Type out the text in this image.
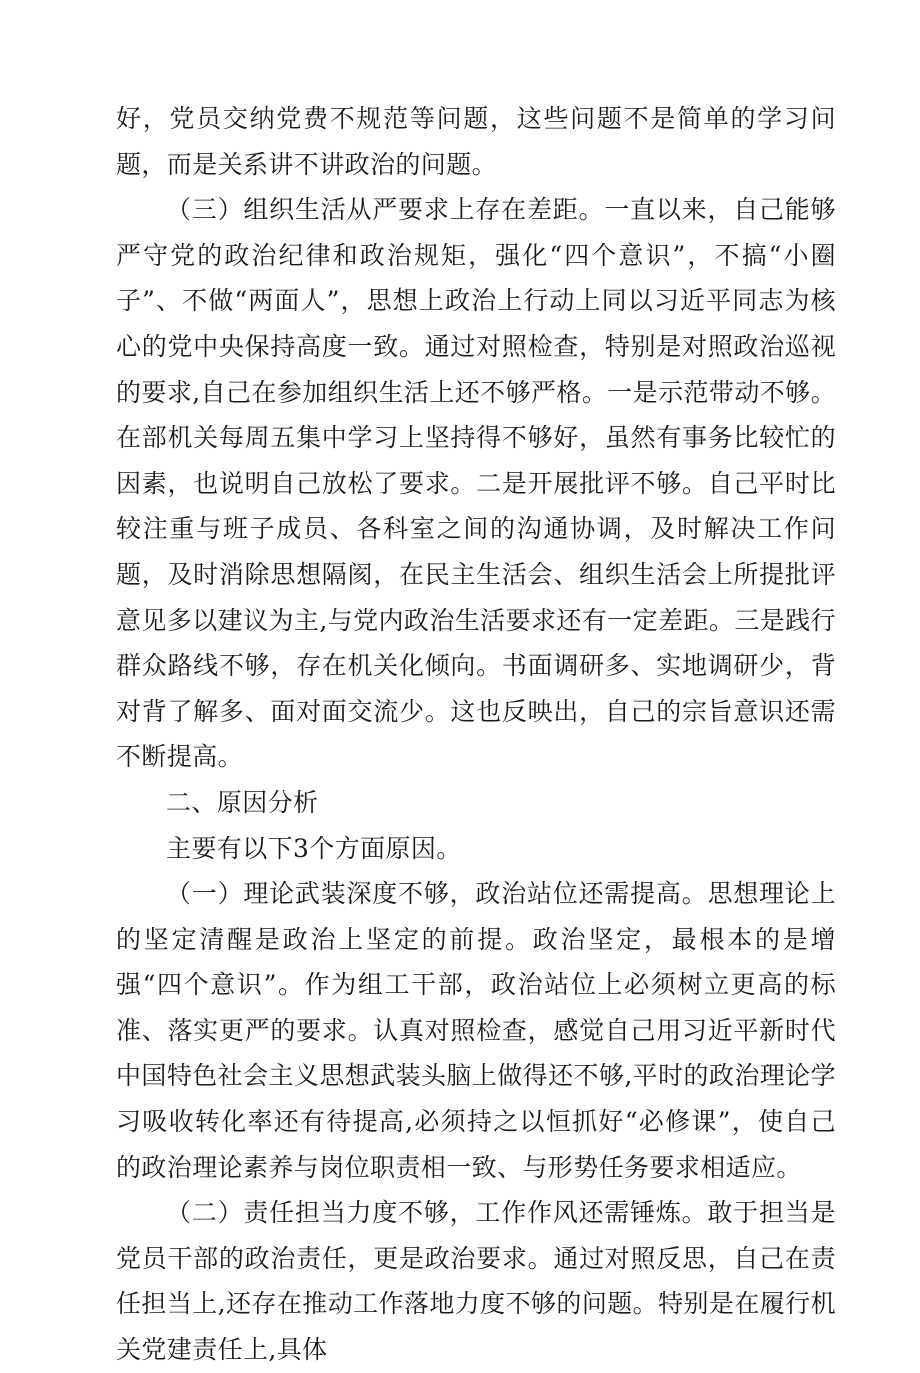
好，党员交纳党费不规范等问题，这些问题不是简单的学习问题，而是关系讲不讲政治的问题。

（三）组织生活从严要求上存在差距。一直以来，自己能够严守党的政治纪律和政治规矩，强化“四个意识”，不搞“小圈子”、不做“两面人”，思想上政治上行动上同以习近平同志为核心的党中央保持高度一致。通过对照检查，特别是对照政治巡视的要求,自己在参加组织生活上还不够严格。一是示范带动不够。在部机关每周五集中学习上坚持得不够好，虽然有事务比较忙的因素，也说明自己放松了要求。二是开展批评不够。自己平时比较注重与班子成员、各科室之间的沟通协调，及时解决工作问题，及时消除思想隔阂，在民主生活会、组织生活会上所提批评意见多以建议为主,与党内政治生活要求还有一定差距。三是践行群众路线不够，存在机关化倾向。书面调研多、实地调研少，背对背了解多、面对面交流少。这也反映出，自己的宗旨意识还需不断提高。

二、原因分析

主要有以下3个方面原因。

（一）理论武装深度不够，政治站位还需提高。思想理论上的坚定清醒是政治上坚定的前提。政治坚定，最根本的是增强“四个意识”。作为组工干部，政治站位上必须树立更高的标准、落实更严的要求。认真对照检查，感觉自己用习近平新时代中国特色社会主义思想武装头脑上做得还不够,平时的政治理论学习吸收转化率还有待提高,必须持之以恒抓好“必修课”，使自己的政治理论素养与岗位职责相一致、与形势任务要求相适应。

（二）责任担当力度不够，工作作风还需锤炼。敢于担当是党员干部的政治责任，更是政治要求。通过对照反思，自己在责任担当上,还存在推动工作落地力度不够的问题。特别是在履行机关党建责任上,具体
